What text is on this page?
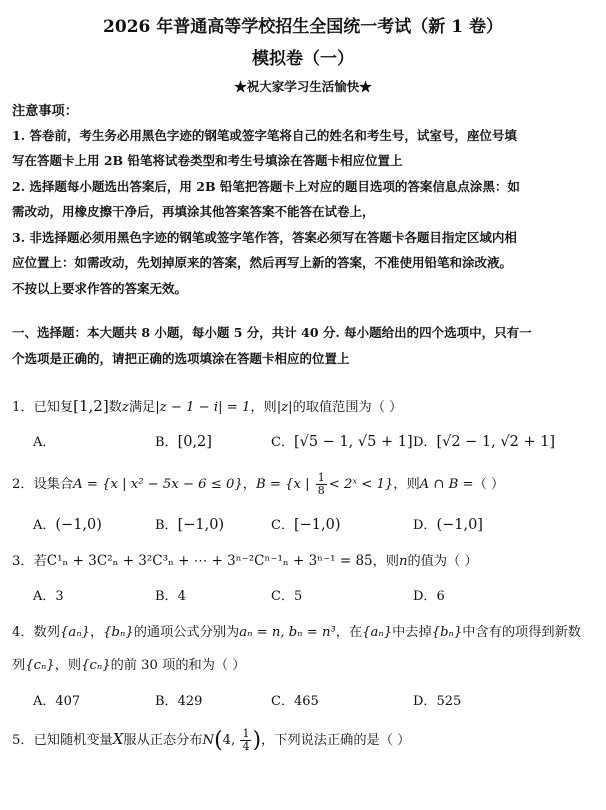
2026 年普通高等学校招生全国统一考试（新 1 卷）
模拟卷（一）
★祝大家学习生活愉快★
注意事项：
1. 答卷前，考生务必用黑色字迹的钢笔或签字笔将自己的姓名和考生号，试室号，座位号填
写在答题卡上用 2B 铅笔将试卷类型和考生号填涂在答题卡相应位置上
2. 选择题每小题选出答案后，用 2B 铅笔把答题卡上对应的题目选项的答案信息点涂黑：如
需改动，用橡皮擦干净后，再填涂其他答案答案不能答在试卷上，
3. 非选择题必须用黑色字迹的钢笔或签字笔作答，答案必须写在答题卡各题目指定区域内相
应位置上：如需改动，先划掉原来的答案，然后再写上新的答案，不准使用铅笔和涂改液。
不按以上要求作答的答案无效。
一、选择题：本大题共 8 小题，每小题 5 分，共计 40 分. 每小题给出的四个选项中，只有一
个选项是正确的，请把正确的选项填涂在答题卡相应的位置上
1．已知复[1,2]数z满足|z − 1 − i| = 1，则|z|的取值范围为（ ）
A．	B．[0,2]	C．[√5 − 1, √5 + 1] D．[√2 − 1, √2 + 1]
2．设集合A = {x | x² − 5x − 6 ≤ 0}，B = {x | $\frac{1}{8}$ < 2ˣ < 1}，则A ∩ B =（ ）
A．(−1,0)	B．[−1,0)	C．[−1,0)	D．(−1,0]
3．若C¹ₙ + 3C²ₙ + 3²C³ₙ + ⋯ + 3ⁿ⁻²Cⁿ⁻¹ₙ + 3ⁿ⁻¹ = 85，则n的值为（ ）
A．3	B．4	C．5	D．6
4．数列{aₙ}，{bₙ}的通项公式分别为aₙ = n, bₙ = n³，在{aₙ}中去掉{bₙ}中含有的项得到新数
列{cₙ}，则{cₙ}的前 30 项的和为（ ）
A．407	B．429	C．465	D．525
5．已知随机变量X服从正态分布N(4, $\frac{1}{4}$ )，下列说法正确的是（ ）
